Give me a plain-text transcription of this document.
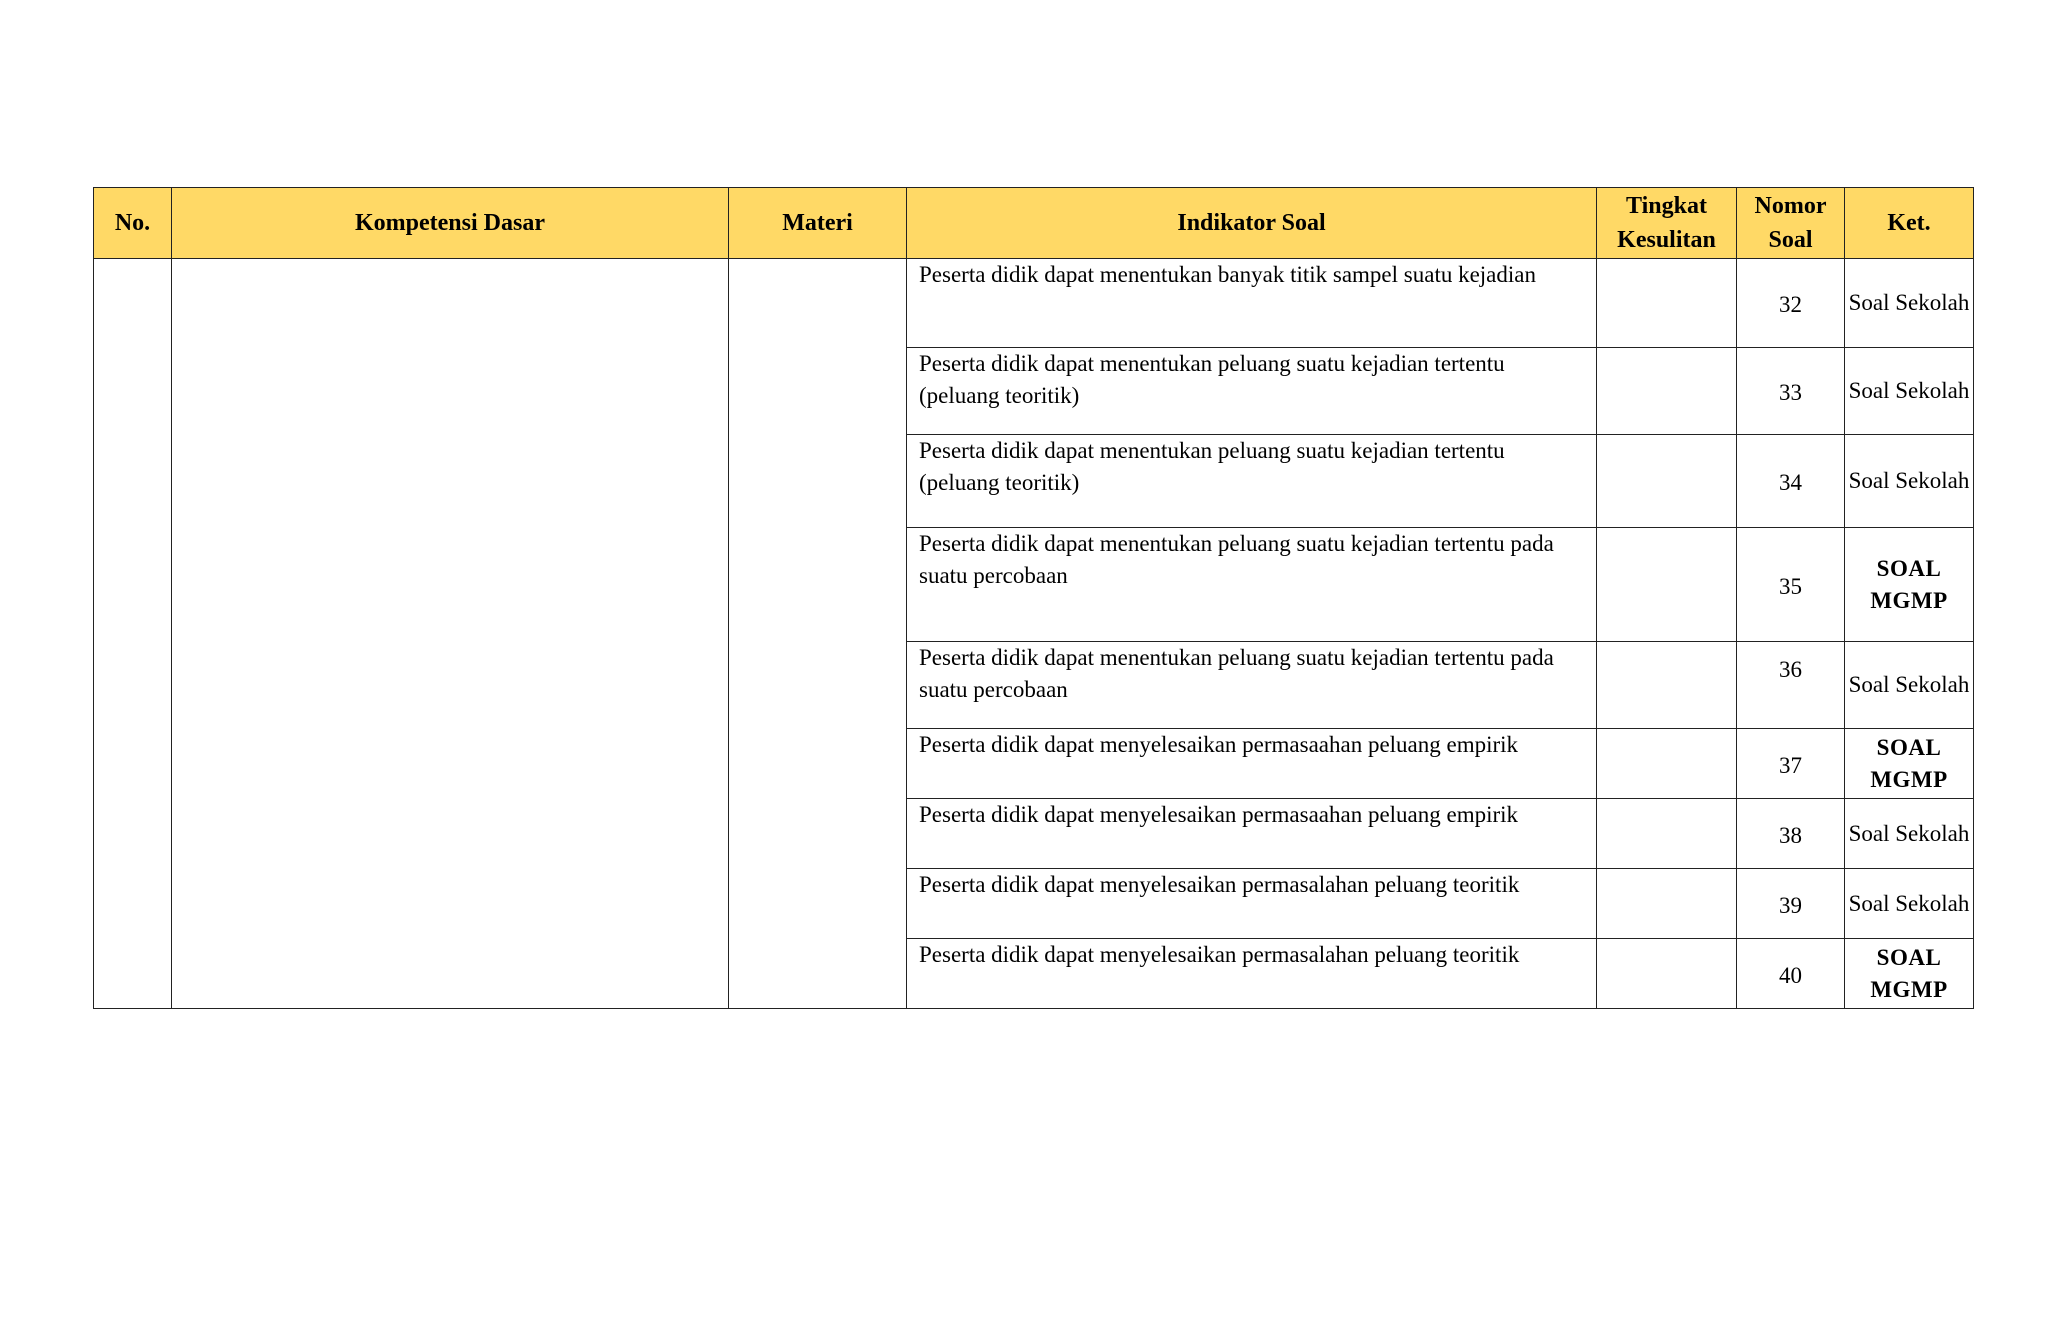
No.	Kompetensi Dasar	Materi	Indikator Soal	Tingkat Kesulitan	Nomor Soal	Ket.
			Peserta didik dapat menentukan banyak titik sampel suatu kejadian		32	Soal Sekolah
			Peserta didik dapat menentukan peluang suatu kejadian tertentu (peluang teoritik)		33	Soal Sekolah
			Peserta didik dapat menentukan peluang suatu kejadian tertentu (peluang teoritik)		34	Soal Sekolah
			Peserta didik dapat menentukan peluang suatu kejadian tertentu pada suatu percobaan		35	SOAL MGMP
			Peserta didik dapat menentukan peluang suatu kejadian tertentu pada suatu percobaan		36	Soal Sekolah
			Peserta didik dapat menyelesaikan permasaahan peluang empirik		37	SOAL MGMP
			Peserta didik dapat menyelesaikan permasaahan peluang empirik		38	Soal Sekolah
			Peserta didik dapat menyelesaikan permasalahan peluang teoritik		39	Soal Sekolah
			Peserta didik dapat menyelesaikan permasalahan peluang teoritik		40	SOAL MGMP
